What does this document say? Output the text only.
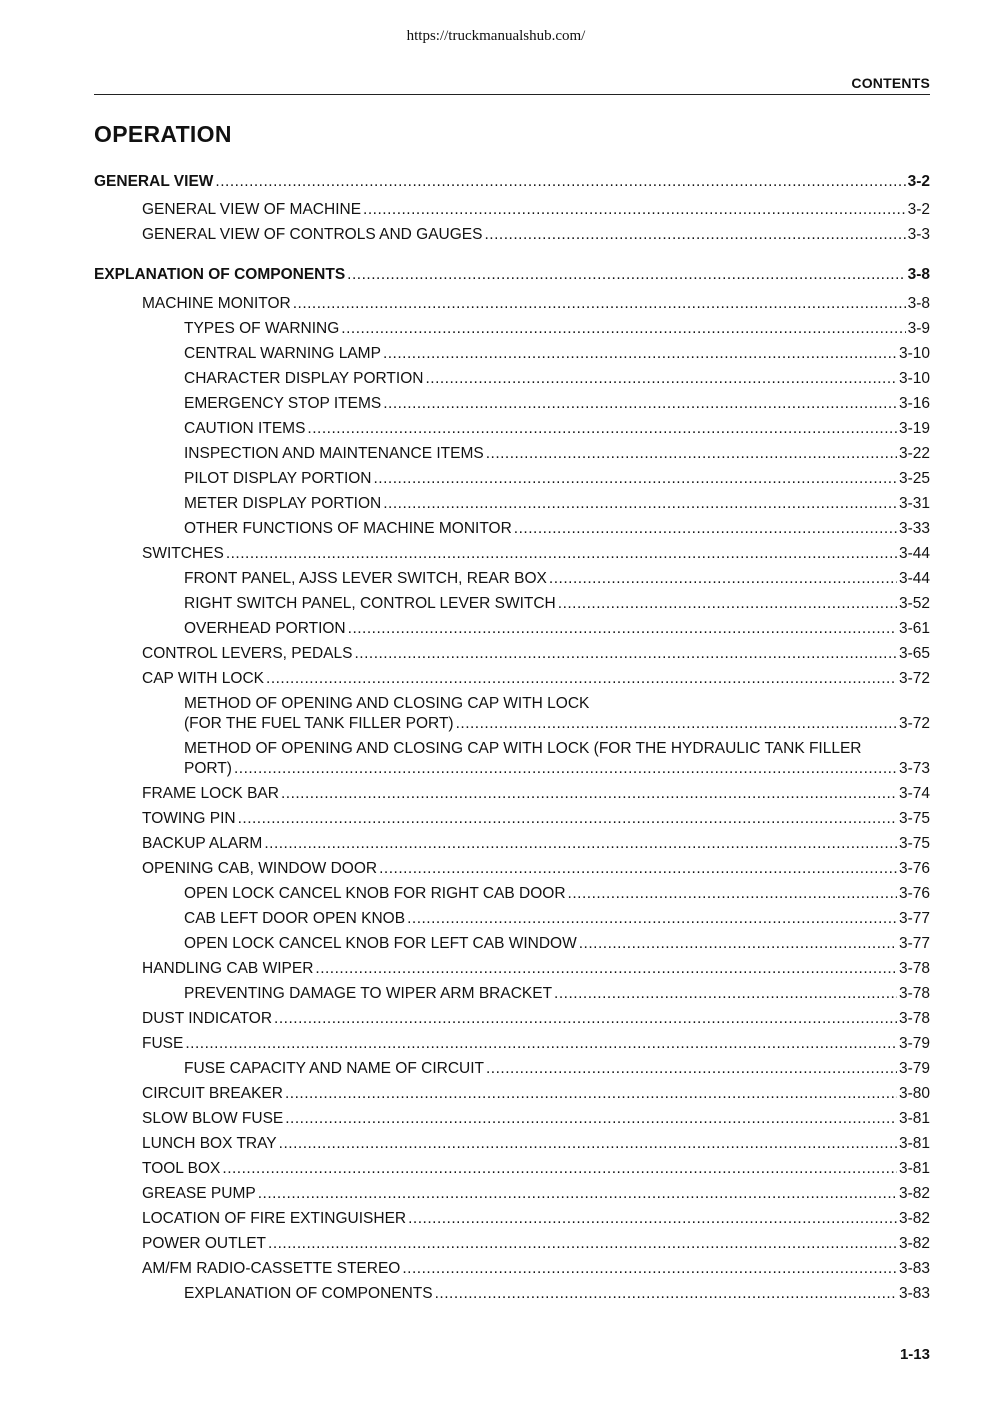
https://truckmanualshub.com/
CONTENTS
OPERATION
GENERAL VIEW .....	3-2
GENERAL VIEW OF MACHINE .....	3-2
GENERAL VIEW OF CONTROLS AND GAUGES .....	3-3
EXPLANATION OF COMPONENTS .....	3-8
MACHINE MONITOR .....	3-8
TYPES OF WARNING .....	3-9
CENTRAL WARNING LAMP .....	3-10
CHARACTER DISPLAY PORTION .....	3-10
EMERGENCY STOP ITEMS .....	3-16
CAUTION ITEMS .....	3-19
INSPECTION AND MAINTENANCE ITEMS .....	3-22
PILOT DISPLAY PORTION .....	3-25
METER DISPLAY PORTION .....	3-31
OTHER FUNCTIONS OF MACHINE MONITOR .....	3-33
SWITCHES .....	3-44
FRONT PANEL, AJSS LEVER SWITCH, REAR BOX .....	3-44
RIGHT SWITCH PANEL, CONTROL LEVER SWITCH .....	3-52
OVERHEAD PORTION .....	3-61
CONTROL LEVERS, PEDALS .....	3-65
CAP WITH LOCK .....	3-72
METHOD OF OPENING AND CLOSING CAP WITH LOCK
(FOR THE FUEL TANK FILLER PORT) .....	3-72
METHOD OF OPENING AND CLOSING CAP WITH LOCK (FOR THE HYDRAULIC TANK FILLER
PORT) .....	3-73
FRAME LOCK BAR .....	3-74
TOWING PIN .....	3-75
BACKUP ALARM .....	3-75
OPENING CAB, WINDOW DOOR .....	3-76
OPEN LOCK CANCEL KNOB FOR RIGHT CAB DOOR .....	3-76
CAB LEFT DOOR OPEN KNOB .....	3-77
OPEN LOCK CANCEL KNOB FOR LEFT CAB WINDOW .....	3-77
HANDLING CAB WIPER .....	3-78
PREVENTING DAMAGE TO WIPER ARM BRACKET .....	3-78
DUST INDICATOR .....	3-78
FUSE .....	3-79
FUSE CAPACITY AND NAME OF CIRCUIT .....	3-79
CIRCUIT BREAKER .....	3-80
SLOW BLOW FUSE .....	3-81
LUNCH BOX TRAY .....	3-81
TOOL BOX .....	3-81
GREASE PUMP .....	3-82
LOCATION OF FIRE EXTINGUISHER .....	3-82
POWER OUTLET .....	3-82
AM/FM RADIO-CASSETTE STEREO .....	3-83
EXPLANATION OF COMPONENTS .....	3-83
1-13
